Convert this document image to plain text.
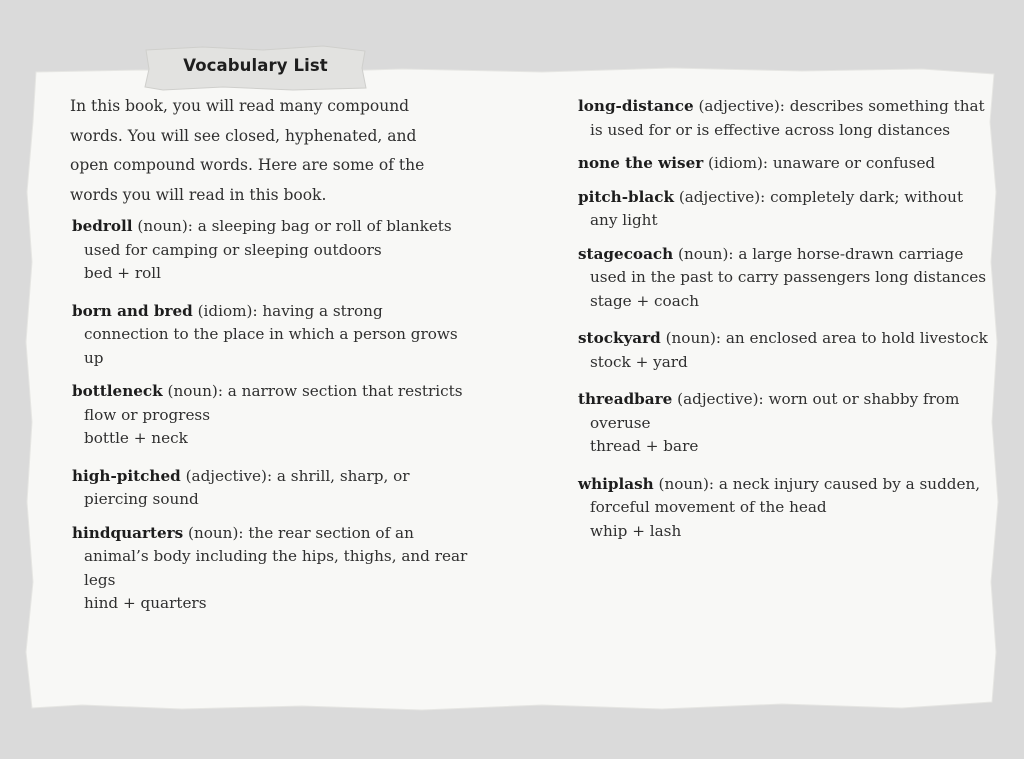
Vocabulary List
In this book, you will read many compound words. You will see closed, hyphenated, and open compound words. Here are some of the words you will read in this book.
bedroll (noun): a sleeping bag or roll of blankets used for camping or sleeping outdoors
bed + roll
born and bred (idiom): having a strong connection to the place in which a person grows up
bottleneck (noun): a narrow section that restricts flow or progress
bottle + neck
high-pitched (adjective): a shrill, sharp, or piercing sound
hindquarters (noun): the rear section of an animal’s body including the hips, thighs, and rear legs
hind + quarters
long-distance (adjective): describes something that is used for or is effective across long distances
none the wiser (idiom): unaware or confused
pitch-black (adjective): completely dark; without any light
stagecoach (noun): a large horse-drawn carriage used in the past to carry passengers long distances
stage + coach
stockyard (noun): an enclosed area to hold livestock
stock + yard
threadbare (adjective): worn out or shabby from overuse
thread + bare
whiplash (noun): a neck injury caused by a sudden, forceful movement of the head
whip + lash
